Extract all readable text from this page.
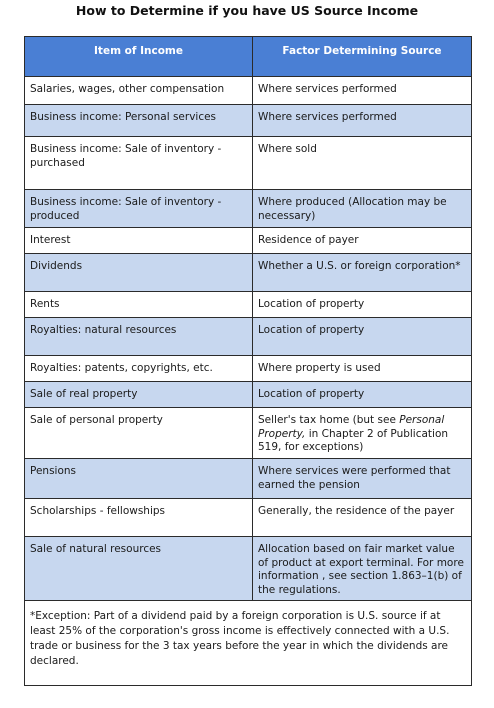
How to Determine if you have US Source Income
Item of Income	Factor Determining Source
Salaries, wages, other compensation	Where services performed
Business income: Personal services	Where services performed
Business income: Sale of inventory - purchased	Where sold
Business income: Sale of inventory - produced	Where produced (Allocation may be necessary)
Interest	Residence of payer
Dividends	Whether a U.S. or foreign corporation*
Rents	Location of property
Royalties: natural resources	Location of property
Royalties: patents, copyrights, etc.	Where property is used
Sale of real property	Location of property
Sale of personal property	Seller's tax home (but see Personal Property, in Chapter 2 of Publication 519, for exceptions)
Pensions	Where services were performed that earned the pension
Scholarships - fellowships	Generally, the residence of the payer
Sale of natural resources	Allocation based on fair market value of product at export terminal. For more information , see section 1.863–1(b) of the regulations.
*Exception: Part of a dividend paid by a foreign corporation is U.S. source if at least 25% of the corporation's gross income is effectively connected with a U.S. trade or business for the 3 tax years before the year in which the dividends are declared.	
